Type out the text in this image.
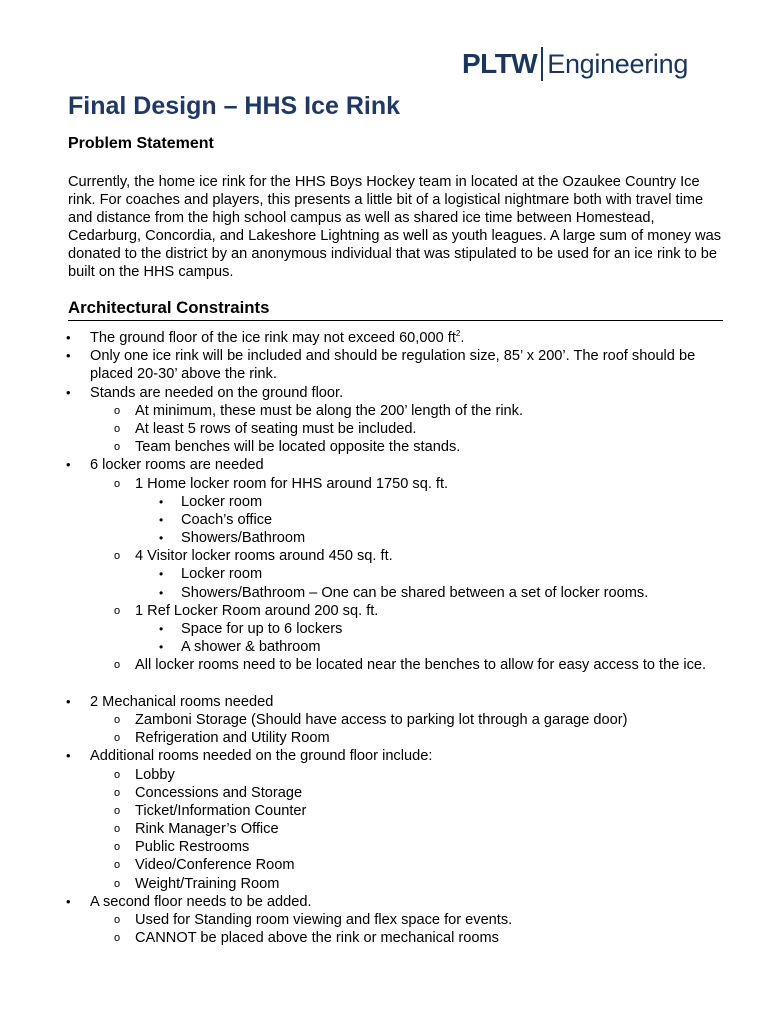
PLTW Engineering
Final Design – HHS Ice Rink
Problem Statement

Currently, the home ice rink for the HHS Boys Hockey team in located at the Ozaukee Country Ice rink. For coaches and players, this presents a little bit of a logistical nightmare both with travel time and distance from the high school campus as well as shared ice time between Homestead, Cedarburg, Concordia, and Lakeshore Lightning as well as youth leagues. A large sum of money was donated to the district by an anonymous individual that was stipulated to be used for an ice rink to be built on the HHS campus.

Architectural Constraints
• The ground floor of the ice rink may not exceed 60,000 $ft^2$.
• Only one ice rink will be included and should be regulation size, 85’ x 200’. The roof should be placed 20-30’ above the rink.
• Stands are needed on the ground floor.
o At minimum, these must be along the 200’ length of the rink.
o At least 5 rows of seating must be included.
o Team benches will be located opposite the stands.
• 6 locker rooms are needed
o 1 Home locker room for HHS around 1750 sq. ft.
• Locker room
• Coach’s office
• Showers/Bathroom
o 4 Visitor locker rooms around 450 sq. ft.
• Locker room
• Showers/Bathroom – One can be shared between a set of locker rooms.
o 1 Ref Locker Room around 200 sq. ft.
• Space for up to 6 lockers
• A shower & bathroom
o All locker rooms need to be located near the benches to allow for easy access to the ice.
• 2 Mechanical rooms needed
o Zamboni Storage (Should have access to parking lot through a garage door)
o Refrigeration and Utility Room
• Additional rooms needed on the ground floor include:
o Lobby
o Concessions and Storage
o Ticket/Information Counter
o Rink Manager’s Office
o Public Restrooms
o Video/Conference Room
o Weight/Training Room
• A second floor needs to be added.
o Used for Standing room viewing and flex space for events.
o CANNOT be placed above the rink or mechanical rooms
